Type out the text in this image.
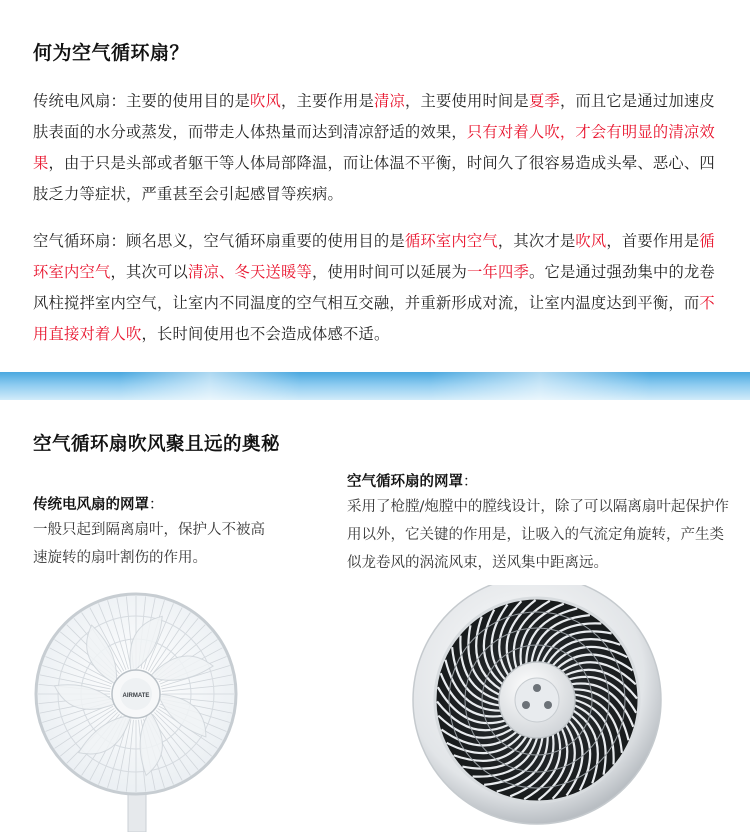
何为空气循环扇？

传统电风扇：主要的使用目的是吹风，主要作用是清凉，主要使用时间是夏季，而且它是通过加速皮肤表面的水分或蒸发，而带走人体热量而达到清凉舒适的效果，只有对着人吹，才会有明显的清凉效果，由于只是头部或者躯干等人体局部降温，而让体温不平衡，时间久了很容易造成头晕、恶心、四肢乏力等症状，严重甚至会引起感冒等疾病。

空气循环扇：顾名思义，空气循环扇重要的使用目的是循环室内空气，其次才是吹风，首要作用是循环室内空气，其次可以清凉、冬天送暖等，使用时间可以延展为一年四季。它是通过强劲集中的龙卷风柱搅拌室内空气，让室内不同温度的空气相互交融，并重新形成对流，让室内温度达到平衡，而不用直接对着人吹，长时间使用也不会造成体感不适。

空气循环扇吹风聚且远的奥秘
传统电风扇的网罩：
一般只起到隔离扇叶，保护人不被高速旋转的扇叶割伤的作用。
空气循环扇的网罩：
采用了枪膛/炮膛中的膛线设计，除了可以隔离扇叶起保护作用以外，它关键的作用是，让吸入的气流定角旋转，产生类似龙卷风的涡流风束，送风集中距离远。
AIRMATE
